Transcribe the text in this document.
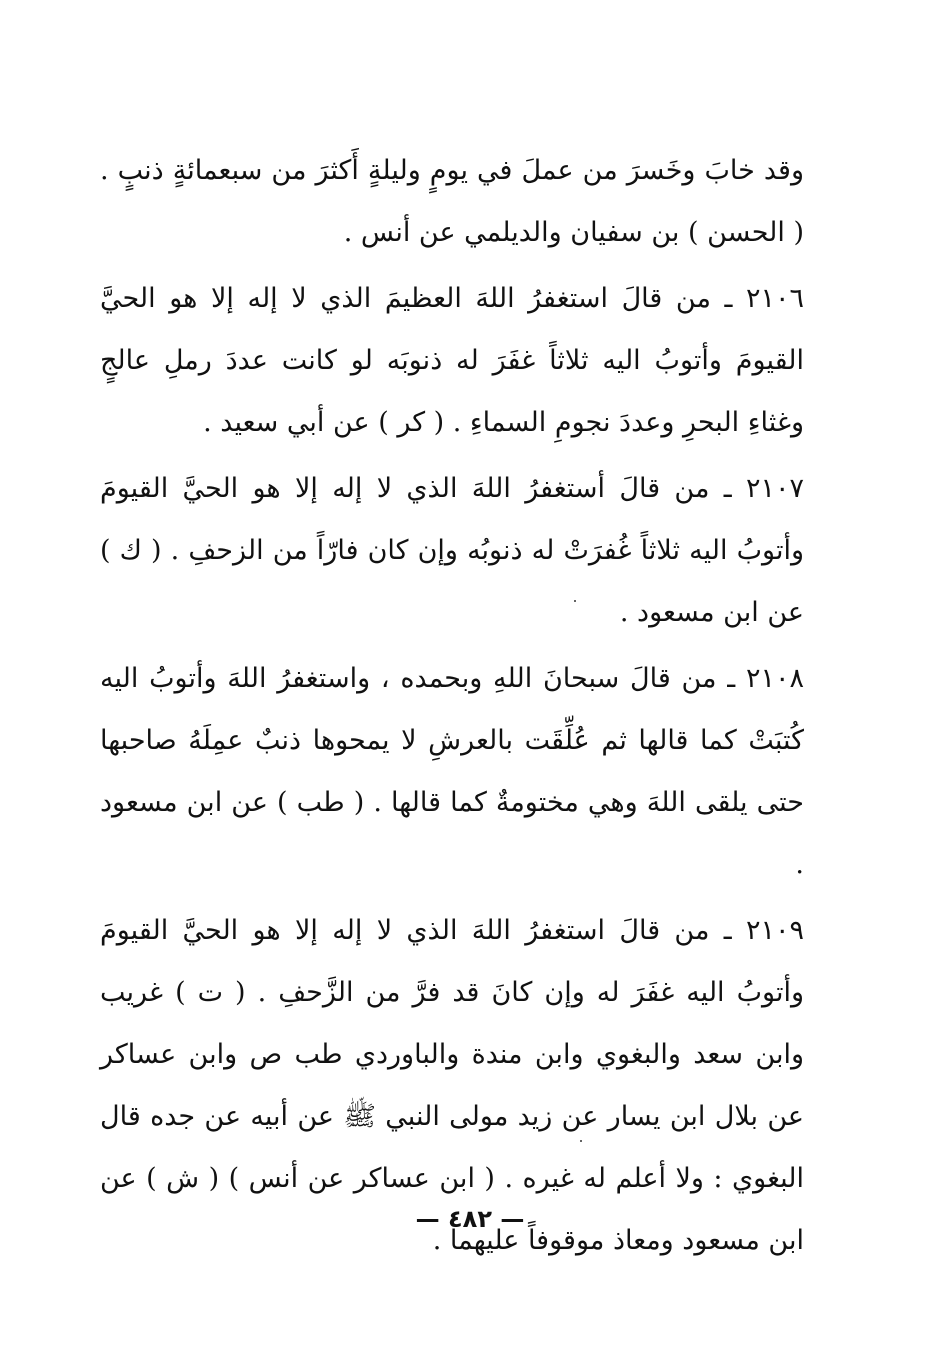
وقد خابَ وخَسرَ من عملَ في يومٍ وليلةٍ أَكثرَ من سبعمائةٍ ذنبٍ . ( الحسن ) بن سفيان والديلمي عن أنس .

٢١٠٦ ـ من قالَ استغفرُ اللهَ العظيمَ الذي لا إله إلا هو الحيَّ القيومَ وأتوبُ اليه ثلاثاً غفَرَ له ذنوبَه لو كانت عددَ رملِ عالجٍ وغثاءِ البحرِ وعددَ نجومِ السماءِ . ( كر ) عن أبي سعيد .

٢١٠٧ ـ من قالَ أستغفرُ اللهَ الذي لا إله إلا هو الحيَّ القيومَ وأتوبُ اليه ثلاثاً غُفرَتْ له ذنوبُه وإن كان فارّاً من الزحفِ . ( ك ) عن ابن مسعود .

٢١٠٨ ـ من قالَ سبحانَ اللهِ وبحمده ، واستغفرُ اللهَ وأتوبُ اليه كُتبَتْ كما قالها ثم عُلِّقَت بالعرشِ لا يمحوها ذنبٌ عمِلَهُ صاحبها حتى يلقى اللهَ وهي مختومةٌ كما قالها . ( طب ) عن ابن مسعود .

٢١٠٩ ـ من قالَ استغفرُ اللهَ الذي لا إله إلا هو الحيَّ القيومَ وأتوبُ اليه غفَرَ له وإن كانَ قد فرَّ من الزَّحفِ . ( ت ) غريب وابن سعد والبغوي وابن مندة والباوردي طب ص وابن عساكر عن بلال ابن يسار عن زيد مولى النبي ﷺ عن أبيه عن جده قال البغوي : ولا أعلم له غيره . ( ابن عساكر عن أنس ) ( ش ) عن ابن مسعود ومعاذ موقوفاً عليهما .

— ٤٨٢ —
